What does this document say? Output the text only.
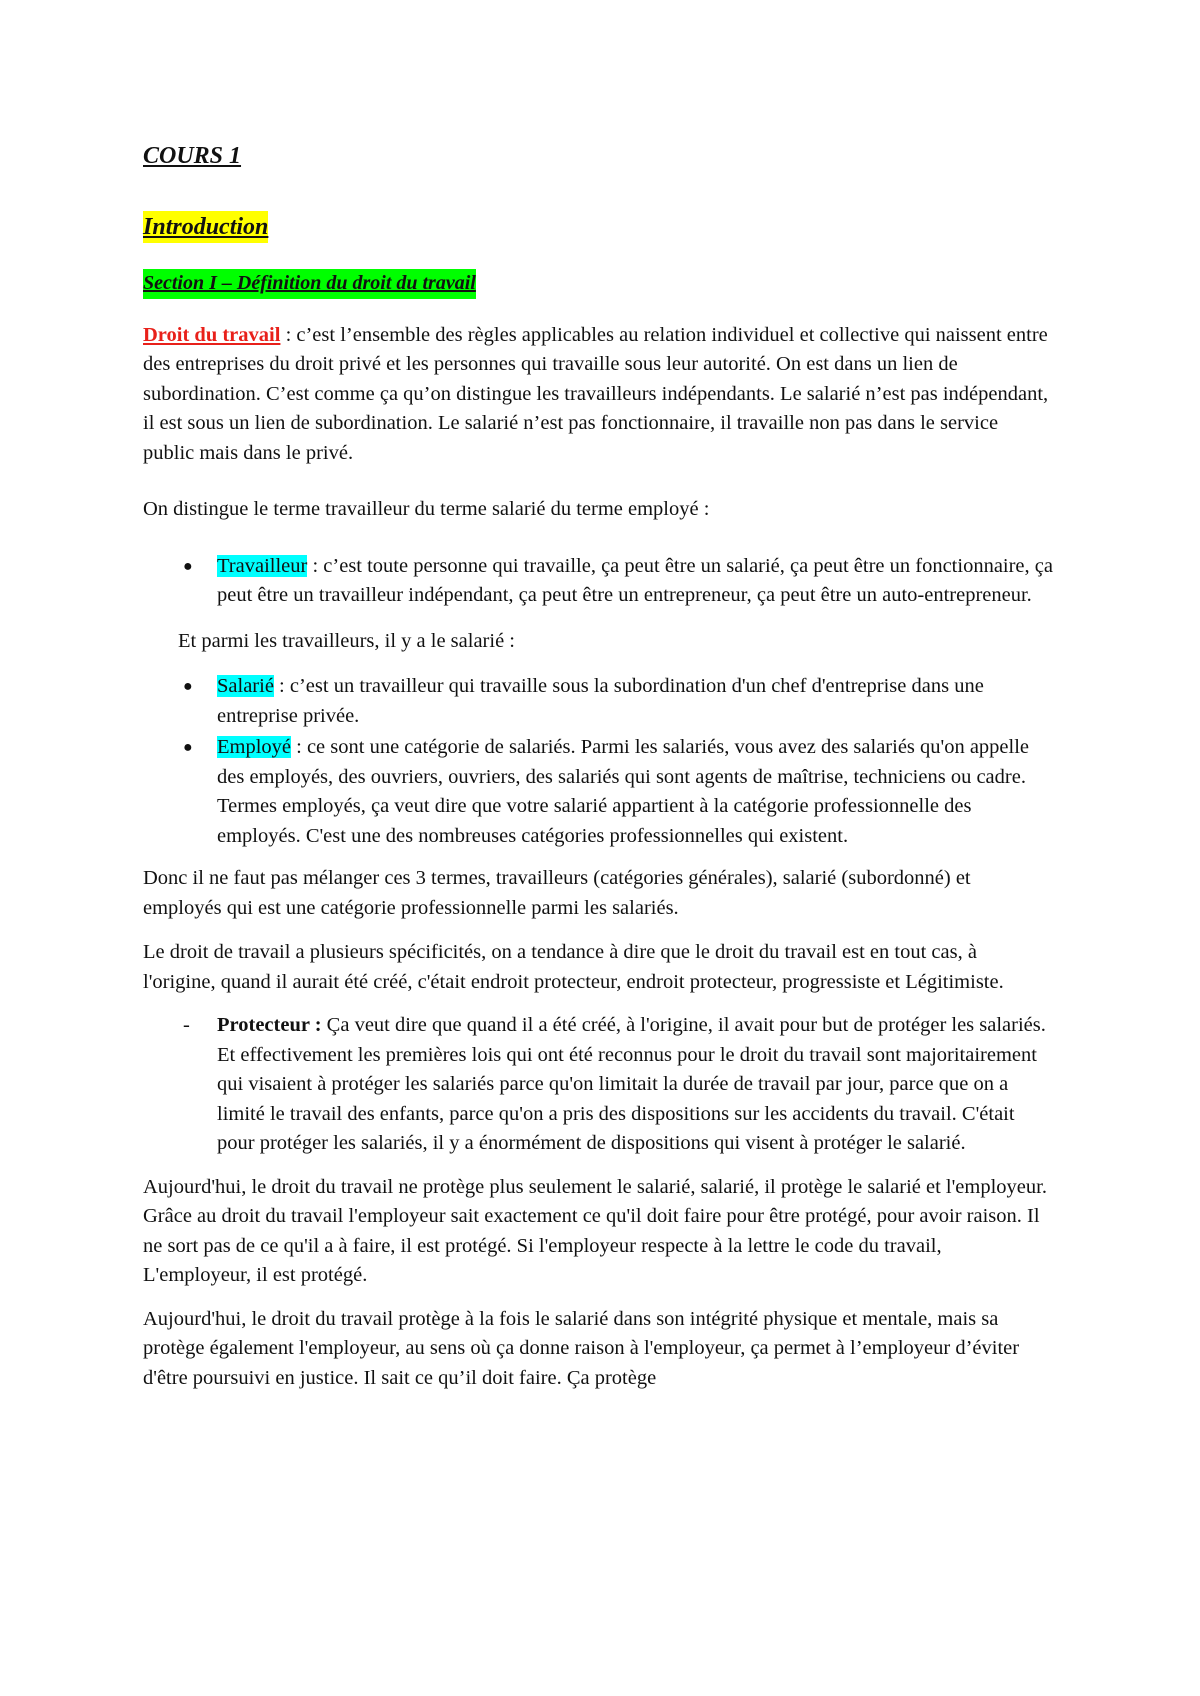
COURS 1
Introduction
Section I – Définition du droit du travail

Droit du travail : c’est l’ensemble des règles applicables au relation individuel et collective qui naissent entre des entreprises du droit privé et les personnes qui travaille sous leur autorité. On est dans un lien de subordination. C’est comme ça qu’on distingue les travailleurs indépendants. Le salarié n’est pas indépendant, il est sous un lien de subordination. Le salarié n’est pas fonctionnaire, il travaille non pas dans le service public mais dans le privé.

On distingue le terme travailleur du terme salarié du terme employé :

● Travailleur : c’est toute personne qui travaille, ça peut être un salarié, ça peut être un fonctionnaire, ça peut être un travailleur indépendant, ça peut être un entrepreneur, ça peut être un auto-entrepreneur.

Et parmi les travailleurs, il y a le salarié :

● Salarié : c’est un travailleur qui travaille sous la subordination d'un chef d'entreprise dans une entreprise privée.
● Employé : ce sont une catégorie de salariés. Parmi les salariés, vous avez des salariés qu'on appelle des employés, des ouvriers, ouvriers, des salariés qui sont agents de maîtrise, techniciens ou cadre. Termes employés, ça veut dire que votre salarié appartient à la catégorie professionnelle des employés. C'est une des nombreuses catégories professionnelles qui existent.

Donc il ne faut pas mélanger ces 3 termes, travailleurs (catégories générales), salarié (subordonné) et employés qui est une catégorie professionnelle parmi les salariés.

Le droit de travail a plusieurs spécificités, on a tendance à dire que le droit du travail est en tout cas, à l'origine, quand il aurait été créé, c'était endroit protecteur, endroit protecteur, progressiste et Légitimiste.

- Protecteur : Ça veut dire que quand il a été créé, à l'origine, il avait pour but de protéger les salariés. Et effectivement les premières lois qui ont été reconnus pour le droit du travail sont majoritairement qui visaient à protéger les salariés parce qu'on limitait la durée de travail par jour, parce que on a limité le travail des enfants, parce qu'on a pris des dispositions sur les accidents du travail. C'était pour protéger les salariés, il y a énormément de dispositions qui visent à protéger le salarié.

Aujourd'hui, le droit du travail ne protège plus seulement le salarié, salarié, il protège le salarié et l'employeur. Grâce au droit du travail l'employeur sait exactement ce qu'il doit faire pour être protégé, pour avoir raison. Il ne sort pas de ce qu'il a à faire, il est protégé. Si l'employeur respecte à la lettre le code du travail, L'employeur, il est protégé.

Aujourd'hui, le droit du travail protège à la fois le salarié dans son intégrité physique et mentale, mais sa protège également l'employeur, au sens où ça donne raison à l'employeur, ça permet à l’employeur d’éviter d'être poursuivi en justice. Il sait ce qu’il doit faire. Ça protège
